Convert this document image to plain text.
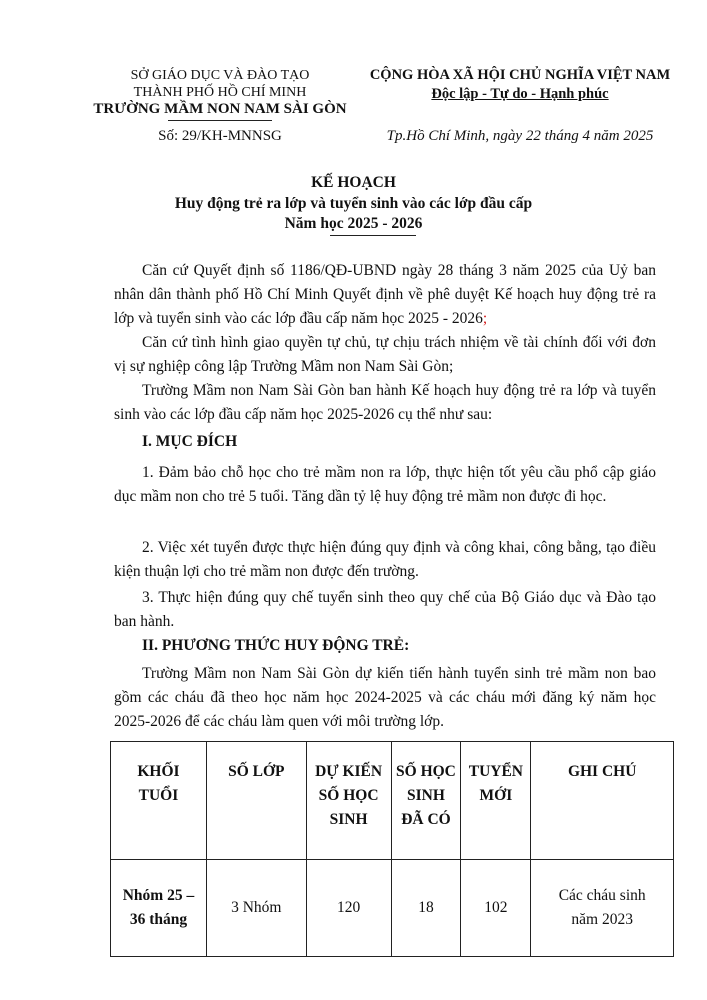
SỞ GIÁO DỤC VÀ ĐÀO TẠO
THÀNH PHỐ HỒ CHÍ MINH
TRƯỜNG MẦM NON NAM SÀI GÒN
Số: 29/KH-MNNSG
CỘNG HÒA XÃ HỘI CHỦ NGHĨA VIỆT NAM
Độc lập - Tự do - Hạnh phúc
Tp.Hồ Chí Minh, ngày 22 tháng 4 năm 2025
KẾ HOẠCH
Huy động trẻ ra lớp và tuyển sinh vào các lớp đầu cấp
Năm học 2025 - 2026
Căn cứ Quyết định số 1186/QĐ-UBND ngày 28 tháng 3 năm 2025 của Uỷ ban nhân dân thành phố Hồ Chí Minh Quyết định về phê duyệt Kế hoạch huy động trẻ ra lớp và tuyển sinh vào các lớp đầu cấp năm học 2025 - 2026;
Căn cứ tình hình giao quyền tự chủ, tự chịu trách nhiệm về tài chính đối với đơn vị sự nghiệp công lập Trường Mầm non Nam Sài Gòn;
Trường Mầm non Nam Sài Gòn ban hành Kế hoạch huy động trẻ ra lớp và tuyển sinh vào các lớp đầu cấp năm học 2025-2026 cụ thể như sau:
I. MỤC ĐÍCH
1. Đảm bảo chỗ học cho trẻ mầm non ra lớp, thực hiện tốt yêu cầu phổ cập giáo dục mầm non cho trẻ 5 tuổi. Tăng dần tỷ lệ huy động trẻ mầm non được đi học.
2. Việc xét tuyển được thực hiện đúng quy định và công khai, công bằng, tạo điều kiện thuận lợi cho trẻ mầm non được đến trường.
3. Thực hiện đúng quy chế tuyển sinh theo quy chế của Bộ Giáo dục và Đào tạo ban hành.
II. PHƯƠNG THỨC HUY ĐỘNG TRẺ:
Trường Mầm non Nam Sài Gòn dự kiến tiến hành tuyển sinh trẻ mầm non bao gồm các cháu đã theo học năm học 2024-2025 và các cháu mới đăng ký năm học 2025-2026 để các cháu làm quen với môi trường lớp.
KHỐI TUỔI	SỐ LỚP	DỰ KIẾN SỐ HỌC SINH	SỐ HỌC SINH ĐÃ CÓ	TUYỂN MỚI	GHI CHÚ
Nhóm 25 – 36 tháng	3 Nhóm	120	18	102	Các cháu sinh năm 2023
